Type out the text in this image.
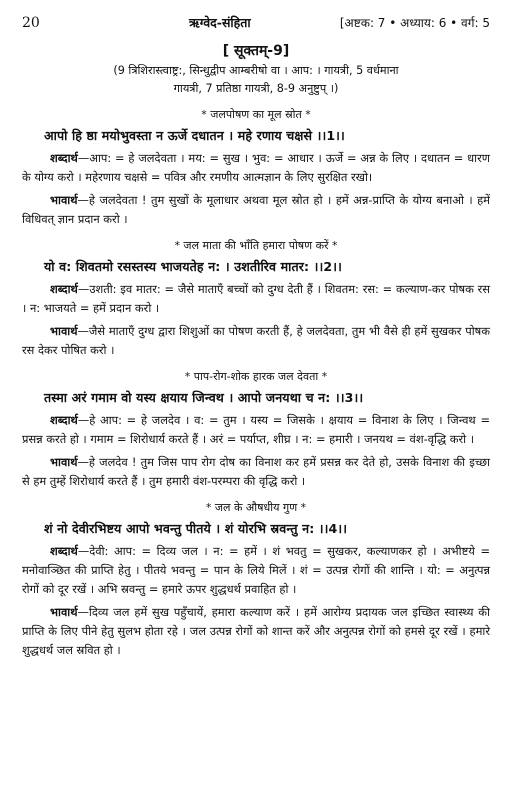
20	ऋग्वेद-संहिता	[अष्टक: 7 • अध्याय: 6 • वर्ग: 5
[ सूक्तम्-9]
(9 त्रिशिरास्त्वाष्ट्र:, सिन्धुद्वीप आम्बरीषो वा । आप: । गायत्री, 5 वर्धमाना
गायत्री, 7 प्रतिष्ठा गायत्री, 8-9 अनुष्टुप् ।)
* जलपोषण का मूल स्रोत *
आपो हि ष्ठा मयोभुवस्ता न ऊर्जे दधातन । महे रणाय चक्षसे ।।1।।
शब्दार्थ—आप: = हे जलदेवता । मय: = सुख । भुव: = आधार । ऊर्जे = अन्न के लिए । दधातन = धारण के योग्य करो । महेरणाय चक्षसे = पवित्र और रमणीय आत्मज्ञान के लिए सुरक्षित रखो।
भावार्थ—हे जलदेवता ! तुम सुखों के मूलाधार अथवा मूल स्रोत हो । हमें अन्न-प्राप्ति के योग्य बनाओ । हमें विधिवत् ज्ञान प्रदान करो ।
* जल माता की भाँति हमारा पोषण करें *
यो व: शिवतमो रसस्तस्य भाजयतेह न: । उशतीरिव मातर: ।।2।।
शब्दार्थ—उशती: इव मातर: = जैसे माताएँ बच्चों को दुग्ध देती हैं । शिवतम: रस: = कल्याण-कर पोषक रस । न: भाजयते = हमें प्रदान करो ।
भावार्थ—जैसे माताएँ दुग्ध द्वारा शिशुओं का पोषण करती हैं, हे जलदेवता, तुम भी वैसे ही हमें सुखकर पोषक रस देकर पोषित करो ।
* पाप-रोग-शोक हारक जल देवता *
तस्मा अरं गमाम वो यस्य क्षयाय जिन्वथ । आपो जनयथा च न: ।।3।।
शब्दार्थ—हे आप: = हे जलदेव । व: = तुम । यस्य = जिसके । क्षयाय = विनाश के लिए । जिन्वथ = प्रसन्न करते हो । गमाम = शिरोधार्य करते हैं । अरं = पर्याप्त, शीघ्र । न: = हमारी । जनयथ = वंश-वृद्धि करो ।
भावार्थ—हे जलदेव ! तुम जिस पाप रोग दोष का विनाश कर हमें प्रसन्न कर देते हो, उसके विनाश की इच्छा से हम तुम्हें शिरोधार्य करते हैं । तुम हमारी वंश-परम्परा की वृद्धि करो ।
* जल के औषधीय गुण *
शं नो देवीरभिष्टय आपो भवन्तु पीतये । शं योरभि स्रवन्तु न: ।।4।।
शब्दार्थ—देवी: आप: = दिव्य जल । न: = हमें । शं भवतु = सुखकर, कल्याणकर हो । अभीष्टये = मनोवाञ्छित की प्राप्ति हेतु । पीतये भवन्तु = पान के लिये मिलें । शं = उत्पन्न रोगों की शान्ति । यो: = अनुत्पन्न रोगों को दूर रखें । अभि स्रवन्तु = हमारे ऊपर शुद्धधर्थ प्रवाहित हो ।
भावार्थ—दिव्य जल हमें सुख पहुँचायें, हमारा कल्याण करें । हमें आरोग्य प्रदायक जल इच्छित स्वास्थ्य की प्राप्ति के लिए पीने हेतु सुलभ होता रहे । जल उत्पन्न रोगों को शान्त करें और अनुत्पन्न रोगों को हमसे दूर रखें । हमारे शुद्धधर्थ जल स्रवित हो ।
